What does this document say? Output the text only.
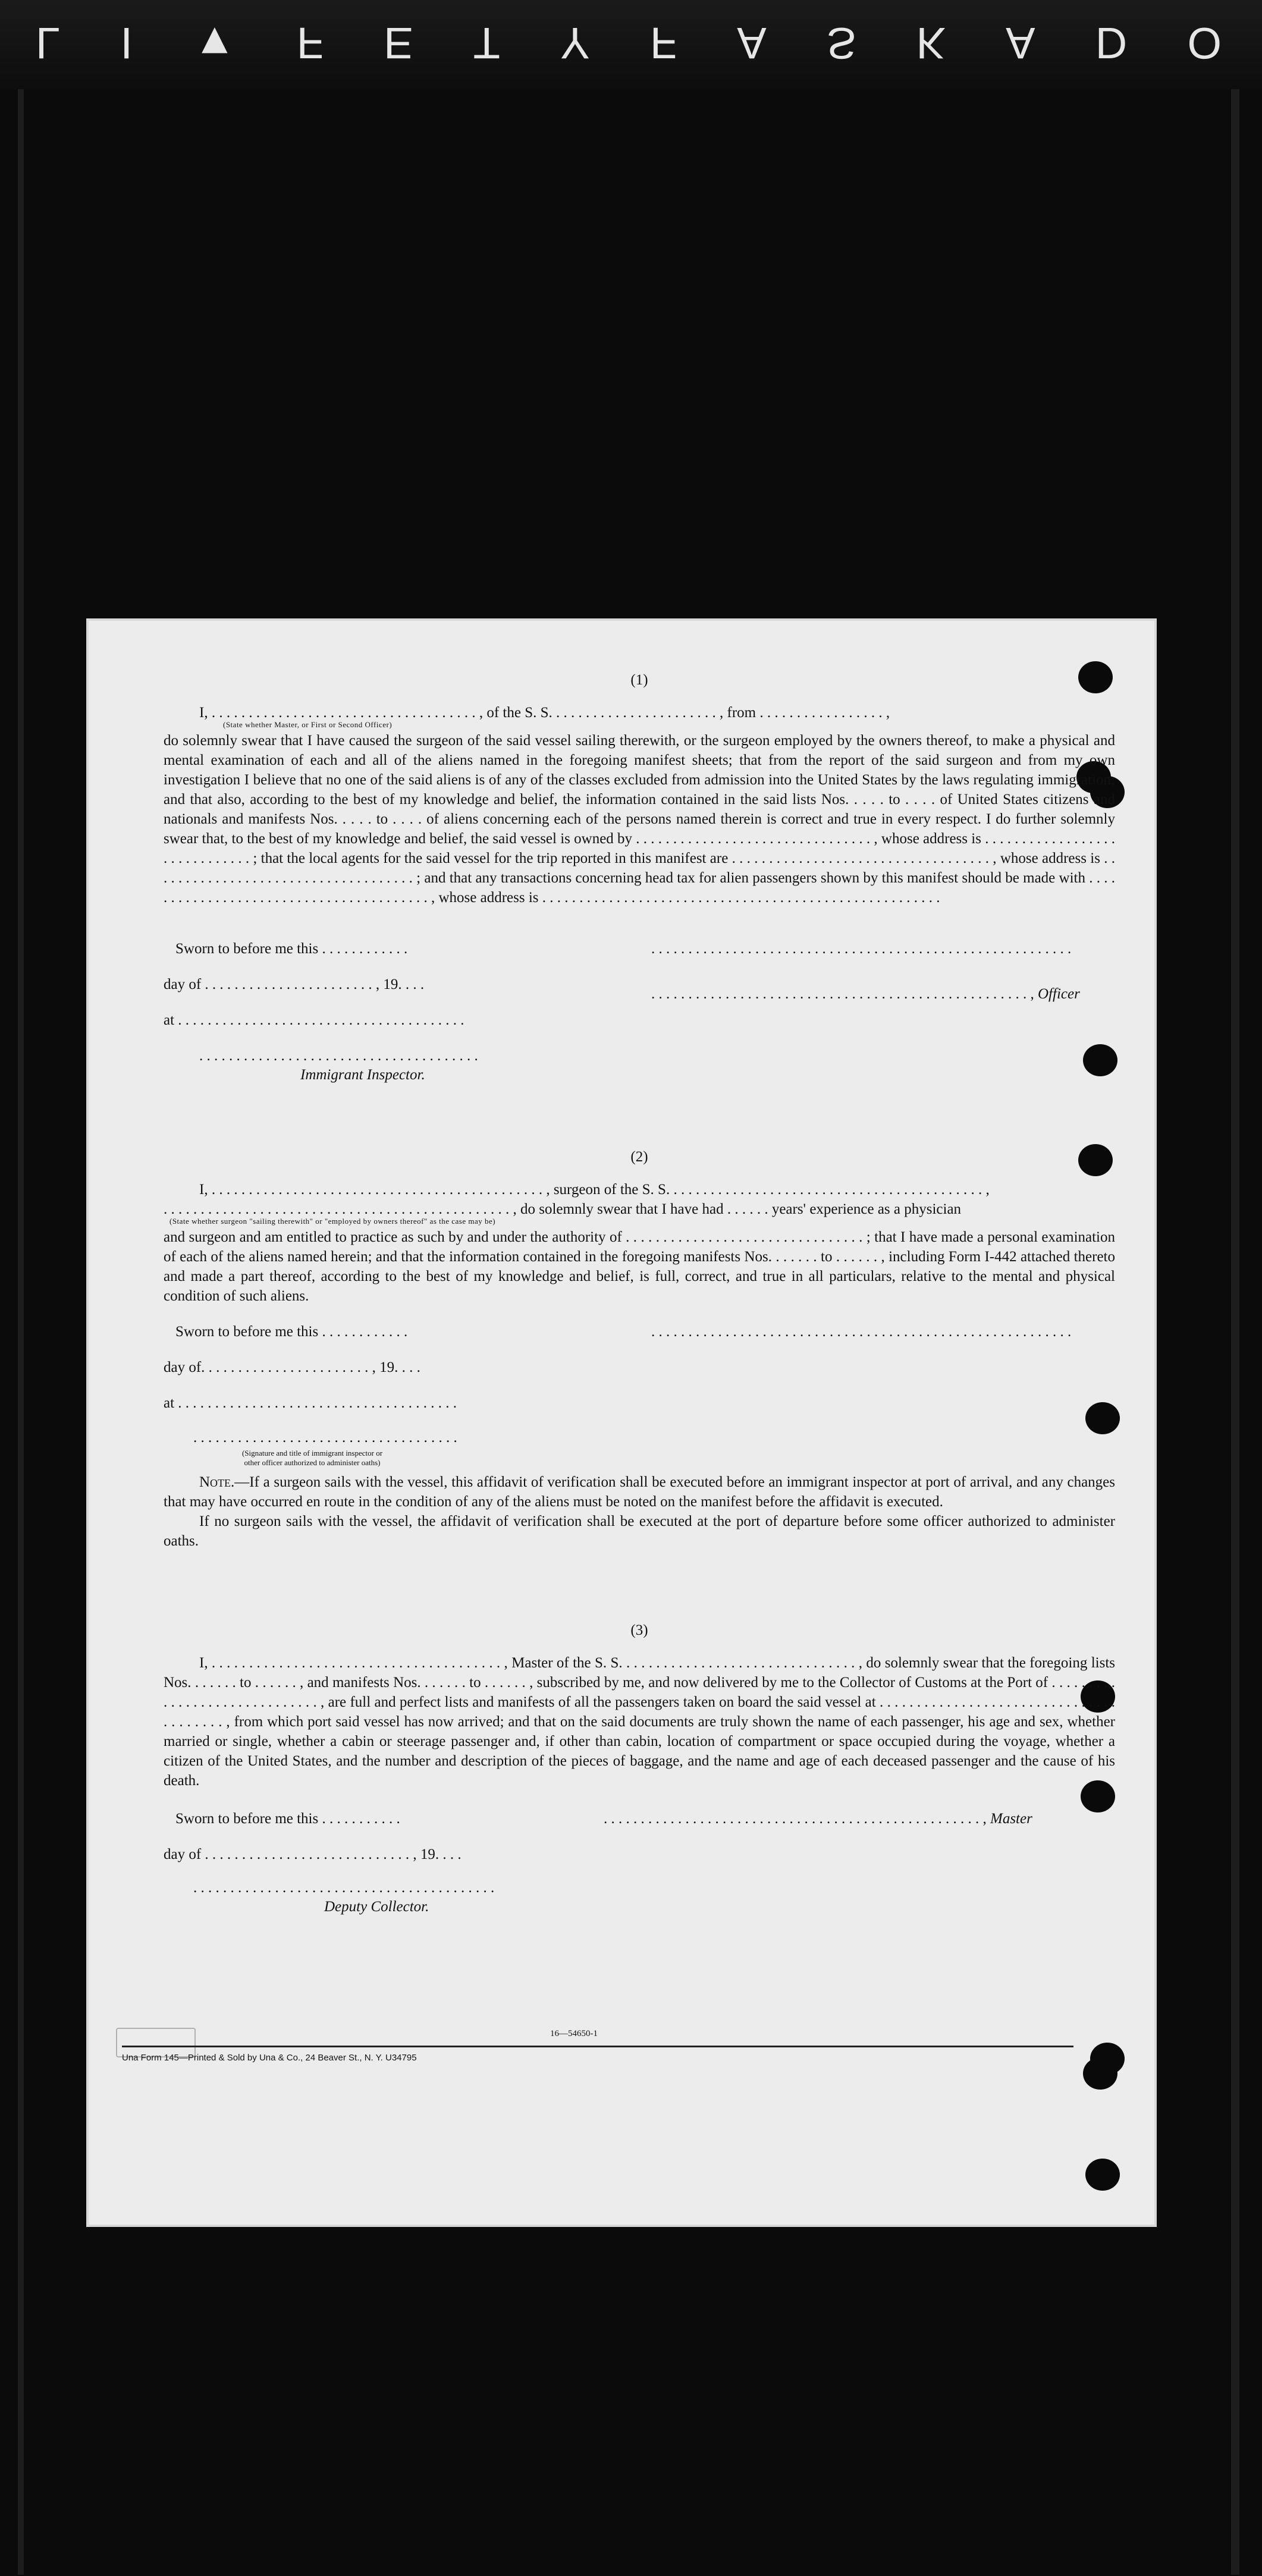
L I ▼ F E T Y F A S K A D O
(1)

I, . . . . . . . . . . . . . . . . . . . . . . . . . . . . . . . . . . . . , of the S. S. . . . . . . . . . . . . . . . . . . . . . . , from . . . . . . . . . . . . . . . . . ,

(State whether Master, or First or Second Officer)

do solemnly swear that I have caused the surgeon of the said vessel sailing therewith, or the surgeon employed by the owners thereof, to make a physical and mental examination of each and all of the aliens named in the foregoing manifest sheets; that from the report of the said surgeon and from my own investigation I believe that no one of the said aliens is of any of the classes excluded from admission into the United States by the laws regulating immigration; and that also, according to the best of my knowledge and belief, the information contained in the said lists Nos. . . . . to . . . . of United States citizens and nationals and manifests Nos. . . . . to . . . . of aliens concerning each of the persons named therein is correct and true in every respect. I do further solemnly swear that, to the best of my knowledge and belief, the said vessel is owned by . . . . . . . . . . . . . . . . . . . . . . . . . . . . . . . . , whose address is . . . . . . . . . . . . . . . . . . . . . . . . . . . . . . ; that the local agents for the said vessel for the trip reported in this manifest are . . . . . . . . . . . . . . . . . . . . . . . . . . . . . . . . . . . , whose address is . . . . . . . . . . . . . . . . . . . . . . . . . . . . . . . . . . . . ; and that any transactions concerning head tax for alien passengers shown by this manifest should be made with . . . . . . . . . . . . . . . . . . . . . . . . . . . . . . . . . . . . . . . . , whose address is . . . . . . . . . . . . . . . . . . . . . . . . . . . . . . . . . . . . . . . . . . . . . . . . . . . . . .

Sworn to before me this . . . . . . . . . . . .
day of . . . . . . . . . . . . . . . . . . . . . . . , 19. . . .
at . . . . . . . . . . . . . . . . . . . . . . . . . . . . . . . . . . . . . . .
. . . . . . . . . . . . . . . . . . . . . . . . . . . . . . . . . . . . . .
Immigrant Inspector.
. . . . . . . . . . . . . . . . . . . . . . . . . . . . . . . . . . . . . . . . . . . . . . . . . . . . . . . . .
. . . . . . . . . . . . . . . . . . . . . . . . . . . . . . . . . . . . . . . . . . . . . . . . . . . , Officer
(2)

I, . . . . . . . . . . . . . . . . . . . . . . . . . . . . . . . . . . . . . . . . . . . . . , surgeon of the S. S. . . . . . . . . . . . . . . . . . . . . . . . . . . . . . . . . . . . . . . . . . . ,

. . . . . . . . . . . . . . . . . . . . . . . . . . . . . . . . . . . . . . . . . . . . . . . , do solemnly swear that I have had . . . . . . years' experience as a physician

(State whether surgeon "sailing therewith" or "employed by owners thereof" as the case may be)

and surgeon and am entitled to practice as such by and under the authority of . . . . . . . . . . . . . . . . . . . . . . . . . . . . . . . . ; that I have made a personal examination of each of the aliens named herein; and that the information contained in the foregoing manifests Nos. . . . . . . to . . . . . . , including Form I-442 attached thereto and made a part thereof, according to the best of my knowledge and belief, is full, correct, and true in all particulars, relative to the mental and physical condition of such aliens.

Sworn to before me this . . . . . . . . . . . .
day of. . . . . . . . . . . . . . . . . . . . . . . , 19. . . .
at . . . . . . . . . . . . . . . . . . . . . . . . . . . . . . . . . . . . . .
. . . . . . . . . . . . . . . . . . . . . . . . . . . . . . . . . . . .
(Signature and title of immigrant inspector or
other officer authorized to administer oaths)
. . . . . . . . . . . . . . . . . . . . . . . . . . . . . . . . . . . . . . . . . . . . . . . . . . . . . . . . .

Note.—If a surgeon sails with the vessel, this affidavit of verification shall be executed before an immigrant inspector at port of arrival, and any changes that may have occurred en route in the condition of any of the aliens must be noted on the manifest before the affidavit is executed.

If no surgeon sails with the vessel, the affidavit of verification shall be executed at the port of departure before some officer authorized to administer oaths.

(3)

I, . . . . . . . . . . . . . . . . . . . . . . . . . . . . . . . . . . . . . . . , Master of the S. S. . . . . . . . . . . . . . . . . . . . . . . . . . . . . . . . , do solemnly swear that the foregoing lists Nos. . . . . . . to . . . . . . , and manifests Nos. . . . . . . to . . . . . . , subscribed by me, and now delivered by me to the Collector of Customs at the Port of . . . . . . . . . . . . . . . . . . . . . . . . . . . . . . , are full and perfect lists and manifests of all the passengers taken on board the said vessel at . . . . . . . . . . . . . . . . . . . . . . . . . . . . . . . . . . . . . . . . , from which port said vessel has now arrived; and that on the said documents are truly shown the name of each passenger, his age and sex, whether married or single, whether a cabin or steerage passenger and, if other than cabin, location of compartment or space occupied during the voyage, whether a citizen of the United States, and the number and description of the pieces of baggage, and the name and age of each deceased passenger and the cause of his death.

Sworn to before me this . . . . . . . . . . .
day of . . . . . . . . . . . . . . . . . . . . . . . . . . . . , 19. . . .
. . . . . . . . . . . . . . . . . . . . . . . . . . . . . . . . . . . . . . . . .
Deputy Collector.
. . . . . . . . . . . . . . . . . . . . . . . . . . . . . . . . . . . . . . . . . . . . . . . . . . . , Master
16—54650-1
Una Form 145—Printed & Sold by Una & Co., 24 Beaver St., N. Y. U34795
